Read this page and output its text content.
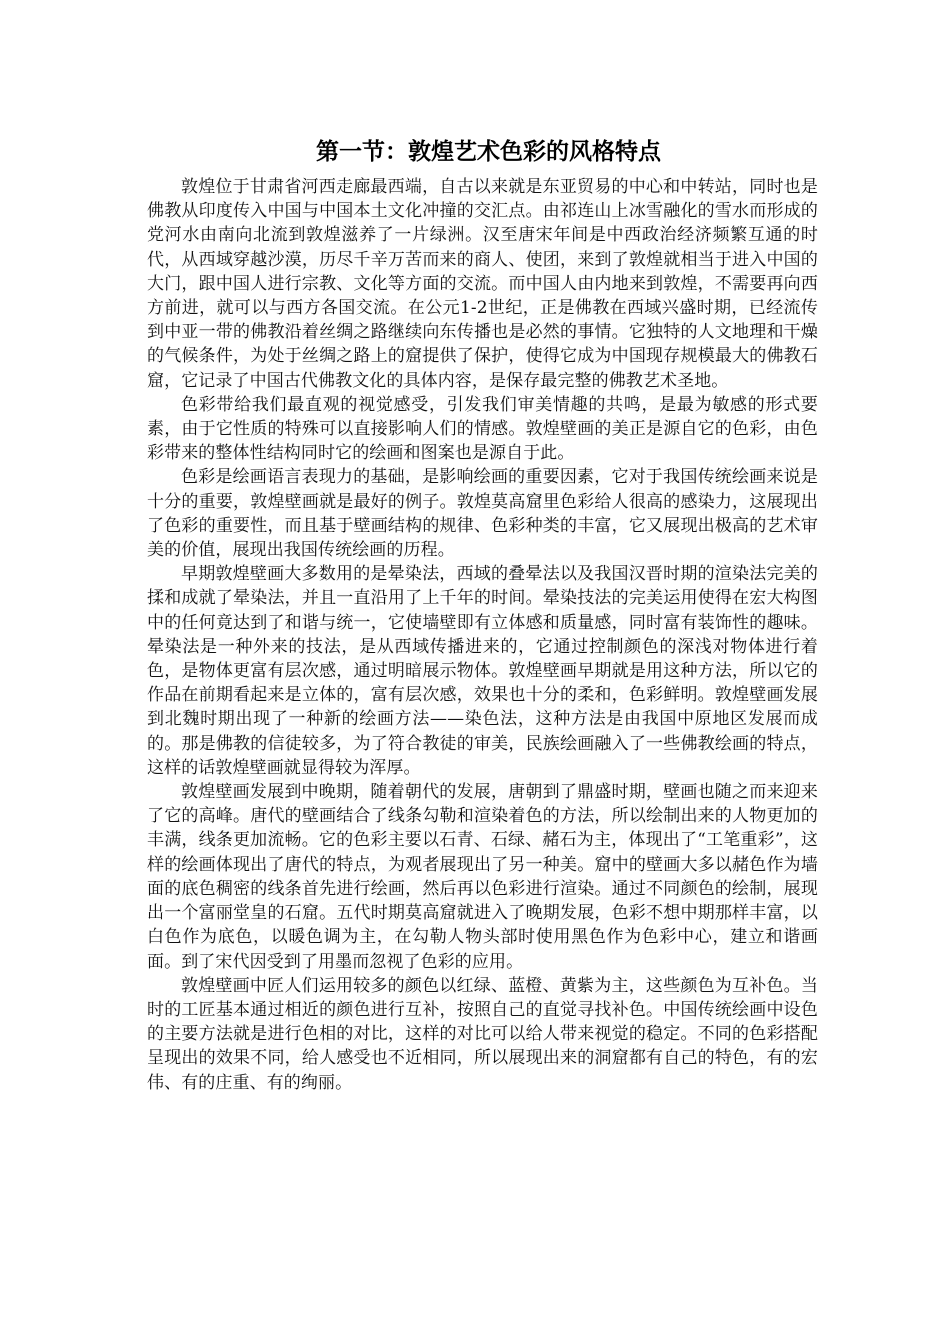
第一节：敦煌艺术色彩的风格特点

敦煌位于甘肃省河西走廊最西端，自古以来就是东亚贸易的中心和中转站，同时也是佛教从印度传入中国与中国本土文化冲撞的交汇点。由祁连山上冰雪融化的雪水而形成的党河水由南向北流到敦煌滋养了一片绿洲。汉至唐宋年间是中西政治经济频繁互通的时代，从西域穿越沙漠，历尽千辛万苦而来的商人、使团，来到了敦煌就相当于进入中国的大门，跟中国人进行宗教、文化等方面的交流。而中国人由内地来到敦煌，不需要再向西方前进，就可以与西方各国交流。在公元1-2世纪，正是佛教在西域兴盛时期，已经流传到中亚一带的佛教沿着丝绸之路继续向东传播也是必然的事情。它独特的人文地理和干燥的气候条件，为处于丝绸之路上的窟提供了保护，使得它成为中国现存规模最大的佛教石窟，它记录了中国古代佛教文化的具体内容，是保存最完整的佛教艺术圣地。

色彩带给我们最直观的视觉感受，引发我们审美情趣的共鸣，是最为敏感的形式要素，由于它性质的特殊可以直接影响人们的情感。敦煌壁画的美正是源自它的色彩，由色彩带来的整体性结构同时它的绘画和图案也是源自于此。

色彩是绘画语言表现力的基础，是影响绘画的重要因素，它对于我国传统绘画来说是十分的重要，敦煌壁画就是最好的例子。敦煌莫高窟里色彩给人很高的感染力，这展现出了色彩的重要性，而且基于壁画结构的规律、色彩种类的丰富，它又展现出极高的艺术审美的价值，展现出我国传统绘画的历程。

早期敦煌壁画大多数用的是晕染法，西域的叠晕法以及我国汉晋时期的渲染法完美的揉和成就了晕染法，并且一直沿用了上千年的时间。晕染技法的完美运用使得在宏大构图中的任何竟达到了和谐与统一，它使墙壁即有立体感和质量感，同时富有装饰性的趣味。晕染法是一种外来的技法，是从西域传播进来的，它通过控制颜色的深浅对物体进行着色，是物体更富有层次感，通过明暗展示物体。敦煌壁画早期就是用这种方法，所以它的作品在前期看起来是立体的，富有层次感，效果也十分的柔和，色彩鲜明。敦煌壁画发展到北魏时期出现了一种新的绘画方法——染色法，这种方法是由我国中原地区发展而成的。那是佛教的信徒较多，为了符合教徒的审美，民族绘画融入了一些佛教绘画的特点，这样的话敦煌壁画就显得较为浑厚。

敦煌壁画发展到中晚期，随着朝代的发展，唐朝到了鼎盛时期，壁画也随之而来迎来了它的高峰。唐代的壁画结合了线条勾勒和渲染着色的方法，所以绘制出来的人物更加的丰满，线条更加流畅。它的色彩主要以石青、石绿、赭石为主，体现出了“工笔重彩”，这样的绘画体现出了唐代的特点，为观者展现出了另一种美。窟中的壁画大多以赭色作为墙面的底色稠密的线条首先进行绘画，然后再以色彩进行渲染。通过不同颜色的绘制，展现出一个富丽堂皇的石窟。五代时期莫高窟就进入了晚期发展，色彩不想中期那样丰富，以白色作为底色，以暖色调为主，在勾勒人物头部时使用黑色作为色彩中心，建立和谐画面。到了宋代因受到了用墨而忽视了色彩的应用。

敦煌壁画中匠人们运用较多的颜色以红绿、蓝橙、黄紫为主，这些颜色为互补色。当时的工匠基本通过相近的颜色进行互补，按照自己的直觉寻找补色。中国传统绘画中设色的主要方法就是进行色相的对比，这样的对比可以给人带来视觉的稳定。不同的色彩搭配呈现出的效果不同，给人感受也不近相同，所以展现出来的洞窟都有自己的特色，有的宏伟、有的庄重、有的绚丽。
